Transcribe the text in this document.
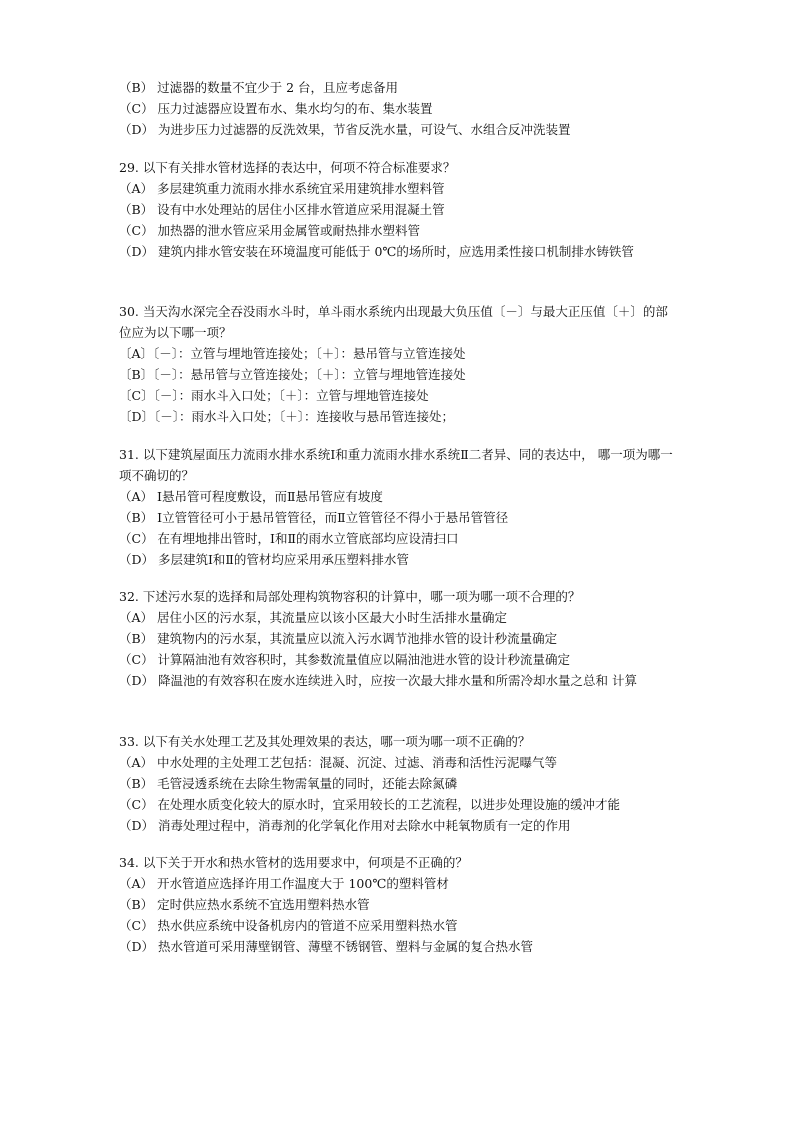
（B） 过滤器的数量不宜少于 2 台，且应考虑备用
（C） 压力过滤器应设置布水、集水均匀的布、集水装置
（D） 为进步压力过滤器的反洗效果，节省反洗水量，可设气、水组合反冲洗装置
29. 以下有关排水管材选择的表达中，何项不符合标准要求？
（A） 多层建筑重力流雨水排水系统宜采用建筑排水塑料管
（B） 设有中水处理站的居住小区排水管道应采用混凝土管
（C） 加热器的泄水管应采用金属管或耐热排水塑料管
（D） 建筑内排水管安装在环境温度可能低于 0℃的场所时，应选用柔性接口机制排水铸铁管
30. 当天沟水深完全吞没雨水斗时，单斗雨水系统内出现最大负压值〔－〕与最大正压值〔＋〕的部位应为以下哪一项？
〔A〕〔－〕：立管与埋地管连接处；〔＋〕：悬吊管与立管连接处
〔B〕〔－〕：悬吊管与立管连接处；〔＋〕：立管与埋地管连接处
〔C〕〔－〕：雨水斗入口处；〔＋〕：立管与埋地管连接处
〔D〕〔－〕：雨水斗入口处；〔＋〕：连接收与悬吊管连接处；
31. 以下建筑屋面压力流雨水排水系统Ⅰ和重力流雨水排水系统Ⅱ二者异、同的表达中， 哪一项为哪一项不确切的？
（A） Ⅰ悬吊管可程度敷设，而Ⅱ悬吊管应有坡度
（B） Ⅰ立管管径可小于悬吊管管径，而Ⅱ立管管径不得小于悬吊管管径
（C） 在有埋地排出管时，Ⅰ和Ⅱ的雨水立管底部均应设清扫口
（D） 多层建筑Ⅰ和Ⅱ的管材均应采用承压塑料排水管
32. 下述污水泵的选择和局部处理构筑物容积的计算中，哪一项为哪一项不合理的？
（A） 居住小区的污水泵，其流量应以该小区最大小时生活排水量确定
（B） 建筑物内的污水泵，其流量应以流入污水调节池排水管的设计秒流量确定
（C） 计算隔油池有效容积时，其参数流量值应以隔油池进水管的设计秒流量确定
（D） 降温池的有效容积在废水连续进入时，应按一次最大排水量和所需冷却水量之总和 计算
33. 以下有关水处理工艺及其处理效果的表达，哪一项为哪一项不正确的？
（A） 中水处理的主处理工艺包括：混凝、沉淀、过滤、消毒和活性污泥曝气等
（B） 毛管浸透系统在去除生物需氧量的同时，还能去除氮磷
（C） 在处理水质变化较大的原水时，宜采用较长的工艺流程，以进步处理设施的缓冲才能
（D） 消毒处理过程中，消毒剂的化学氧化作用对去除水中耗氧物质有一定的作用
34. 以下关于开水和热水管材的选用要求中，何项是不正确的？
（A） 开水管道应选择许用工作温度大于 100℃的塑料管材
（B） 定时供应热水系统不宜选用塑料热水管
（C） 热水供应系统中设备机房内的管道不应采用塑料热水管
（D） 热水管道可采用薄壁钢管、薄壁不锈钢管、塑料与金属的复合热水管
